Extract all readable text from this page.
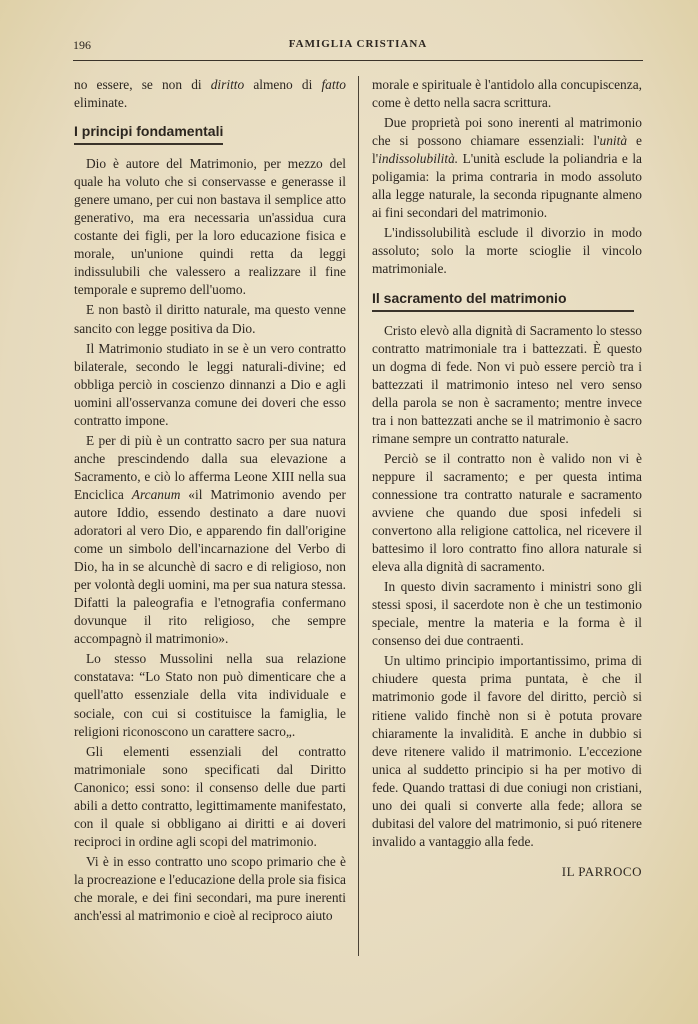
196	FAMIGLIA CRISTIANA

no essere, se non di diritto almeno di fatto eliminate.

I principi fondamentali

Dio è autore del Matrimonio, per mezzo del quale ha voluto che si conservasse e generasse il genere umano, per cui non bastava il semplice atto generativo, ma era necessaria un'assidua cura costante dei figli, per la loro educazione fisica e morale, un'unione quindi retta da leggi indissulubili che valessero a realizzare il fine temporale e supremo dell'uomo.

E non bastò il diritto naturale, ma questo venne sancito con legge positiva da Dio.

Il Matrimonio studiato in se è un vero contratto bilaterale, secondo le leggi naturali-divine; ed obbliga perciò in coscienzo dinnanzi a Dio e agli uomini all'osservanza comune dei doveri che esso contratto impone.

E per di più è un contratto sacro per sua natura anche prescindendo dalla sua elevazione a Sacramento, e ciò lo afferma Leone XIII nella sua Enciclica Arcanum «il Matrimonio avendo per autore Iddio, essendo destinato a dare nuovi adoratori al vero Dio, e apparendo fin dall'origine come un simbolo dell'incarnazione del Verbo di Dio, ha in se alcunchè di sacro e di religioso, non per volontà degli uomini, ma per sua natura stessa. Difatti la paleografia e l'etnografia confermano dovunque il rito religioso, che sempre accompagnò il matrimonio».

Lo stesso Mussolini nella sua relazione constatava: “Lo Stato non può dimenticare che a quell'atto essenziale della vita individuale e sociale, con cui si costituisce la famiglia, le religioni riconoscono un carattere sacro„.

Gli elementi essenziali del contratto matrimoniale sono specificati dal Diritto Canonico; essi sono: il consenso delle due parti abili a detto contratto, legittimamente manifestato, con il quale si obbligano ai diritti e ai doveri reciproci in ordine agli scopi del matrimonio.

Vi è in esso contratto uno scopo primario che è la procreazione e l'educazione della prole sia fisica che morale, e dei fini secondari, ma pure inerenti anch'essi al matrimonio e cioè al reciproco aiuto

morale e spirituale è l'antidolo alla concupiscenza, come è detto nella sacra scrittura.

Due proprietà poi sono inerenti al matrimonio che si possono chiamare essenziali: l'unità e l'indissolubilità. L'unità esclude la poliandria e la poligamia: la prima contraria in modo assoluto alla legge naturale, la seconda ripugnante almeno ai fini secondari del matrimonio.

L'indissolubilità esclude il divorzio in modo assoluto; solo la morte scioglie il vincolo matrimoniale.

Il sacramento del matrimonio

Cristo elevò alla dignità di Sacramento lo stesso contratto matrimoniale tra i battezzati. È questo un dogma di fede. Non vi può essere perciò tra i battezzati il matrimonio inteso nel vero senso della parola se non è sacramento; mentre invece tra i non battezzati anche se il matrimonio è sacro rimane sempre un contratto naturale.

Perciò se il contratto non è valido non vi è neppure il sacramento; e per questa intima connessione tra contratto naturale e sacramento avviene che quando due sposi infedeli si convertono alla religione cattolica, nel ricevere il battesimo il loro contratto fino allora naturale si eleva alla dignità di sacramento.

In questo divin sacramento i ministri sono gli stessi sposi, il sacerdote non è che un testimonio speciale, mentre la materia e la forma è il consenso dei due contraenti.

Un ultimo principio importantissimo, prima di chiudere questa prima puntata, è che il matrimonio gode il favore del diritto, perciò si ritiene valido finchè non si è potuta provare chiaramente la invalidità. E anche in dubbio si deve ritenere valido il matrimonio. L'eccezione unica al suddetto principio si ha per motivo di fede. Quando trattasi di due coniugi non cristiani, uno dei quali si converte alla fede; allora se dubitasi del valore del matrimonio, si puó ritenere invalido a vantaggio alla fede.

IL PARROCO
